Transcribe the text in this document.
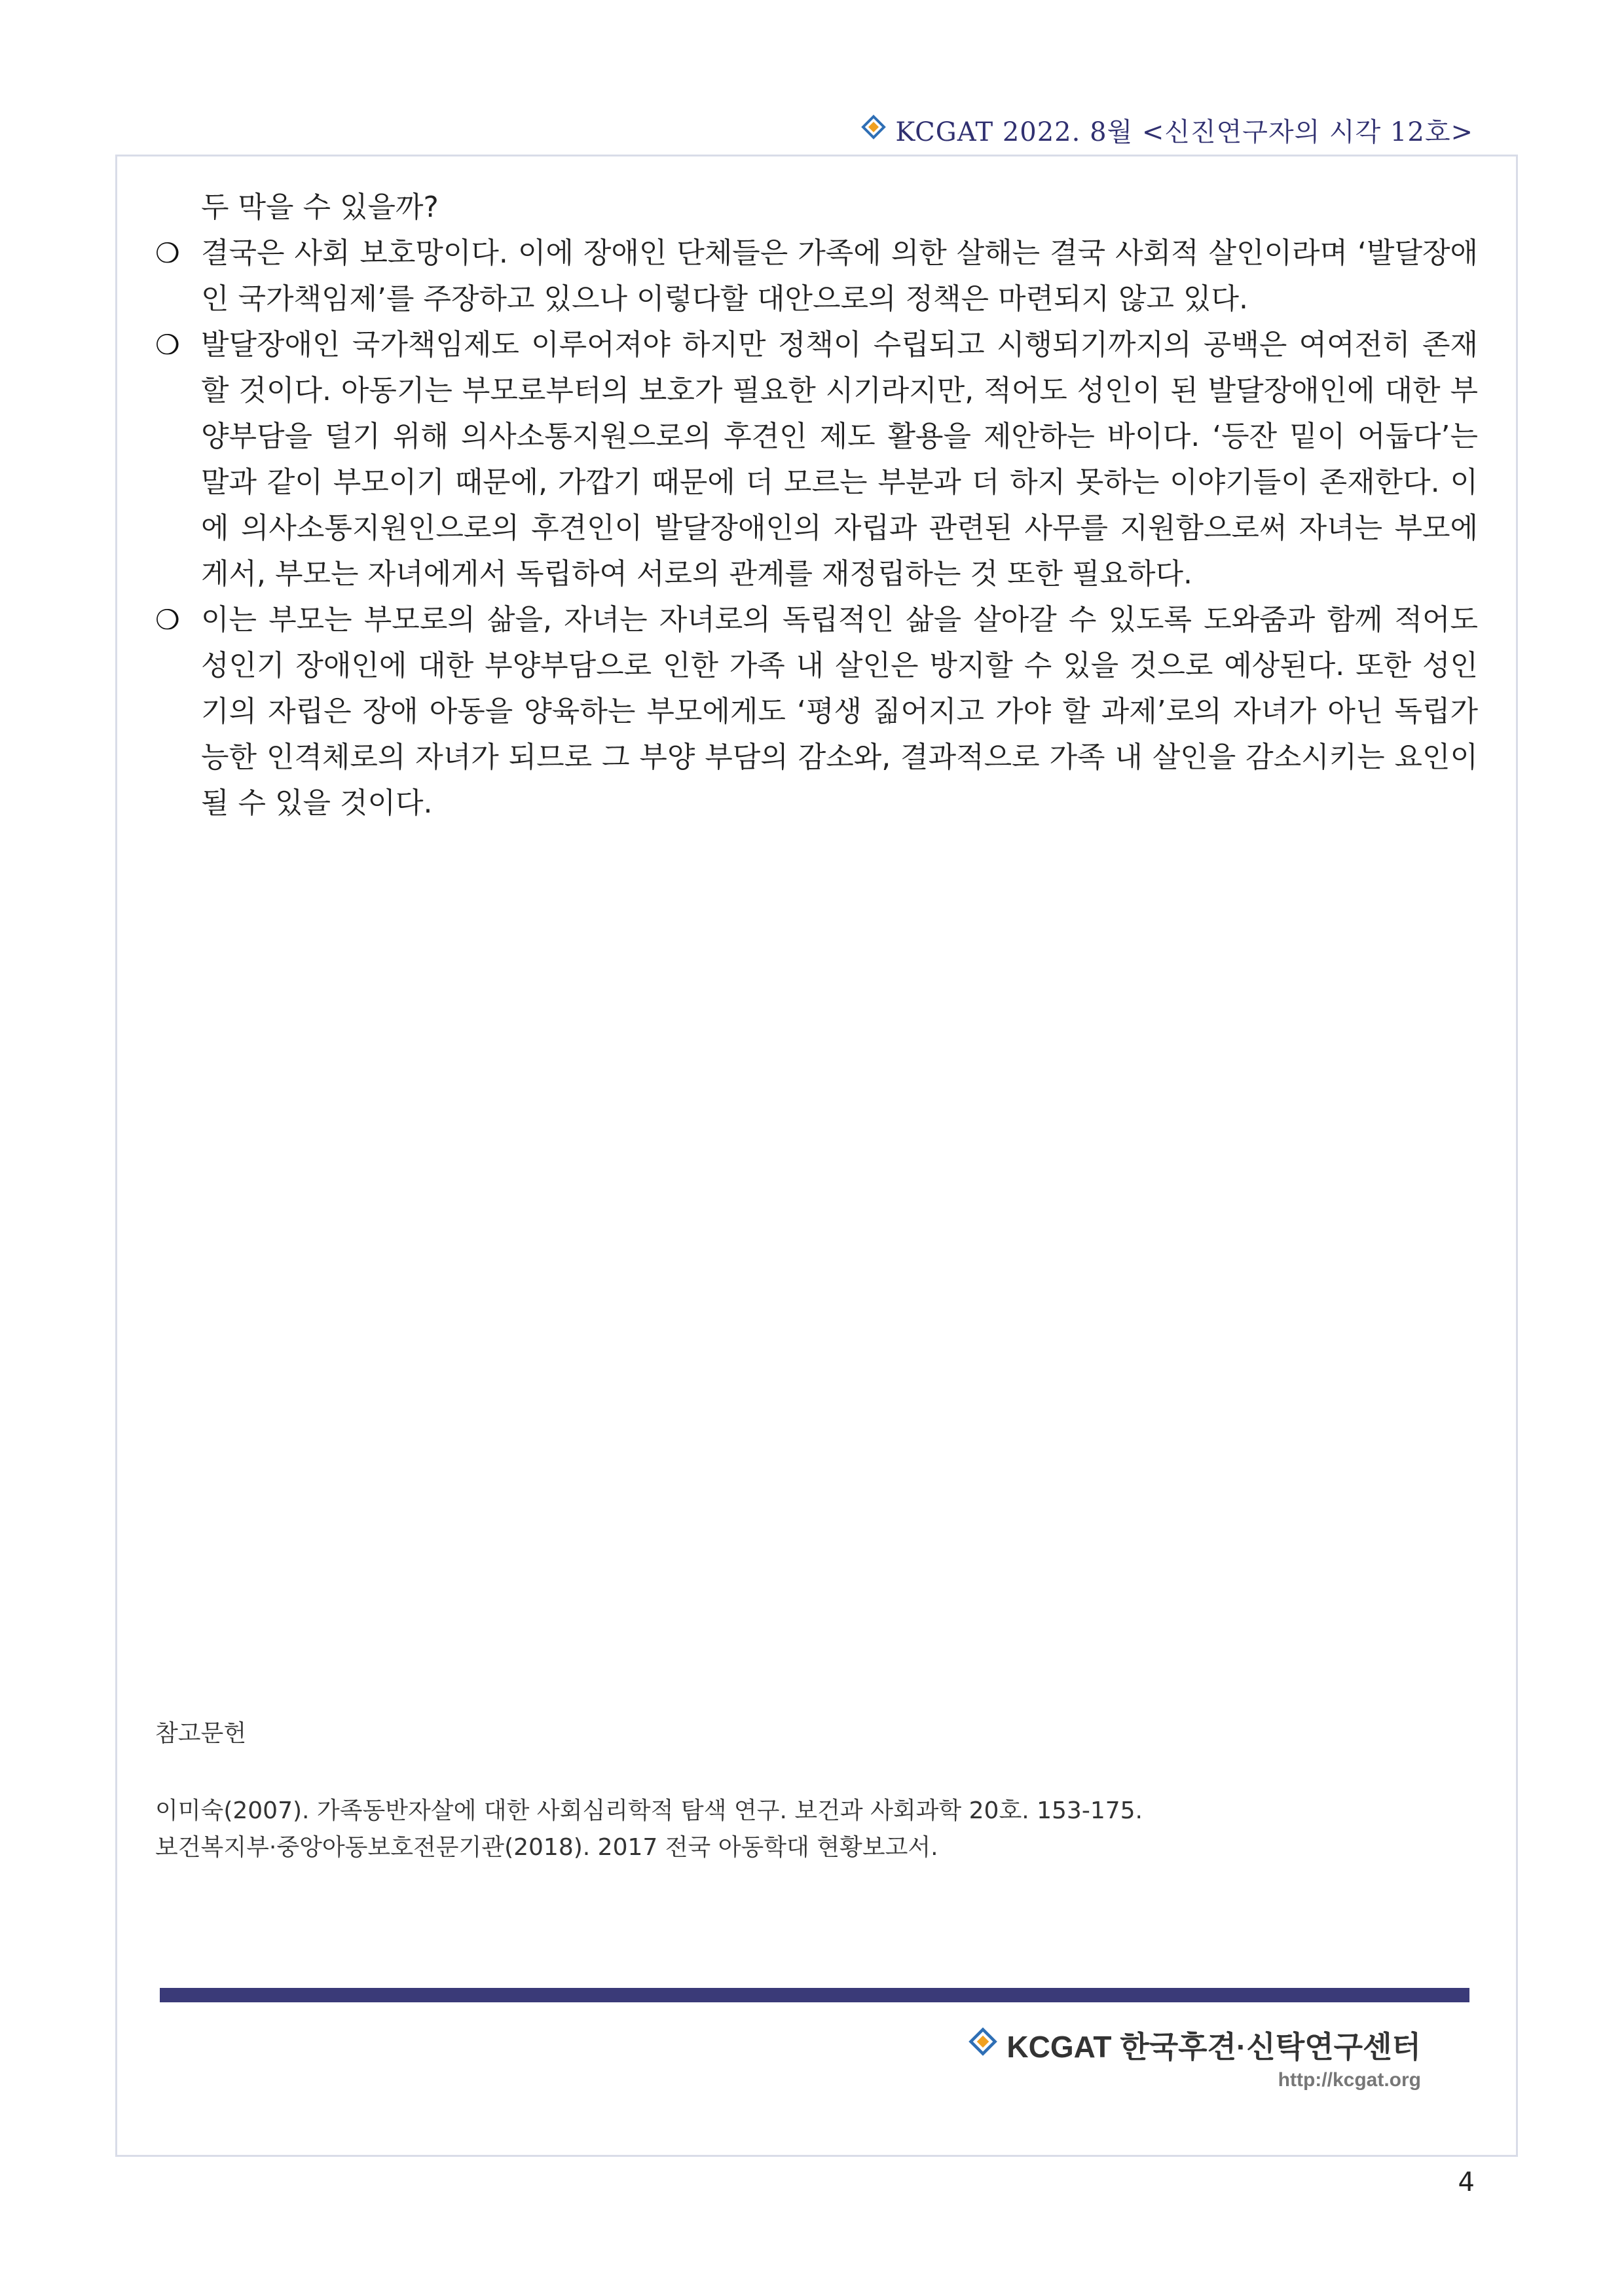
KCGAT 2022. 8월 <신진연구자의 시각 12호>
두 막을 수 있을까?
❍ 결국은 사회 보호망이다. 이에 장애인 단체들은 가족에 의한 살해는 결국 사회적 살인이라며 ‘발달장애인 국가책임제’를 주장하고 있으나 이렇다할 대안으로의 정책은 마련되지 않고 있다.
❍ 발달장애인 국가책임제도 이루어져야 하지만 정책이 수립되고 시행되기까지의 공백은 여여전히 존재할 것이다. 아동기는 부모로부터의 보호가 필요한 시기라지만, 적어도 성인이 된 발달장애인에 대한 부양부담을 덜기 위해 의사소통지원으로의 후견인 제도 활용을 제안하는 바이다. ‘등잔 밑이 어둡다’는 말과 같이 부모이기 때문에, 가깝기 때문에 더 모르는 부분과 더 하지 못하는 이야기들이 존재한다. 이에 의사소통지원인으로의 후견인이 발달장애인의 자립과 관련된 사무를 지원함으로써 자녀는 부모에게서, 부모는 자녀에게서 독립하여 서로의 관계를 재정립하는 것 또한 필요하다.
❍ 이는 부모는 부모로의 삶을, 자녀는 자녀로의 독립적인 삶을 살아갈 수 있도록 도와줌과 함께 적어도 성인기 장애인에 대한 부양부담으로 인한 가족 내 살인은 방지할 수 있을 것으로 예상된다. 또한 성인기의 자립은 장애 아동을 양육하는 부모에게도 ‘평생 짊어지고 가야 할 과제’로의 자녀가 아닌 독립가능한 인격체로의 자녀가 되므로 그 부양 부담의 감소와, 결과적으로 가족 내 살인을 감소시키는 요인이 될 수 있을 것이다.
참고문헌
이미숙(2007). 가족동반자살에 대한 사회심리학적 탐색 연구. 보건과 사회과학 20호. 153-175.
보건복지부·중앙아동보호전문기관(2018). 2017 전국 아동학대 현황보고서.
KCGAT 한국후견·신탁연구센터
http://kcgat.org
4
